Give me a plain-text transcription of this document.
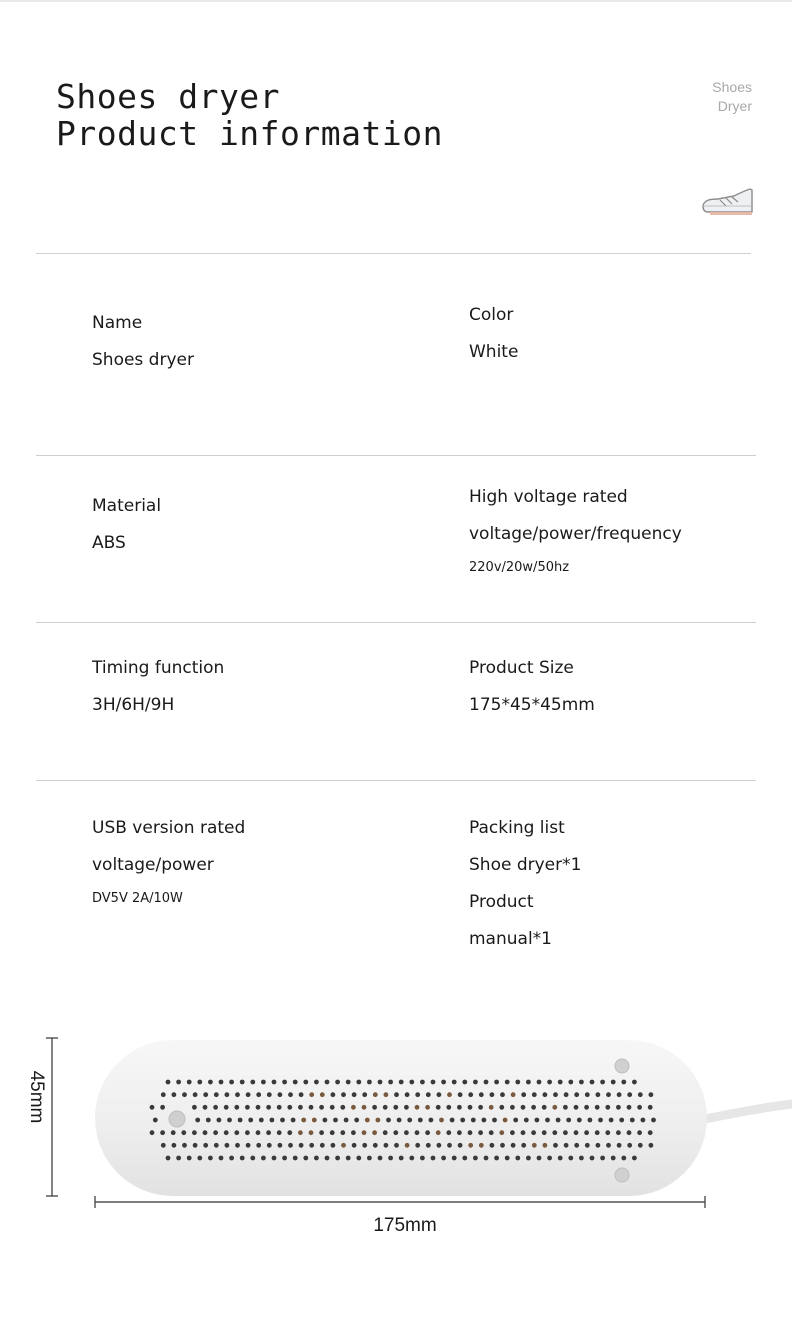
Shoes dryer
Product information
Shoes
Dryer
Name
Shoes dryer
Color
White
Material
ABS
High voltage rated
voltage/power/frequency
220v/20w/50hz
Timing function
3H/6H/9H
Product Size
175*45*45mm
USB version rated
voltage/power
DV5V 2A/10W
Packing list
Shoe dryer*1
Product
manual*1
45mm
175mm
